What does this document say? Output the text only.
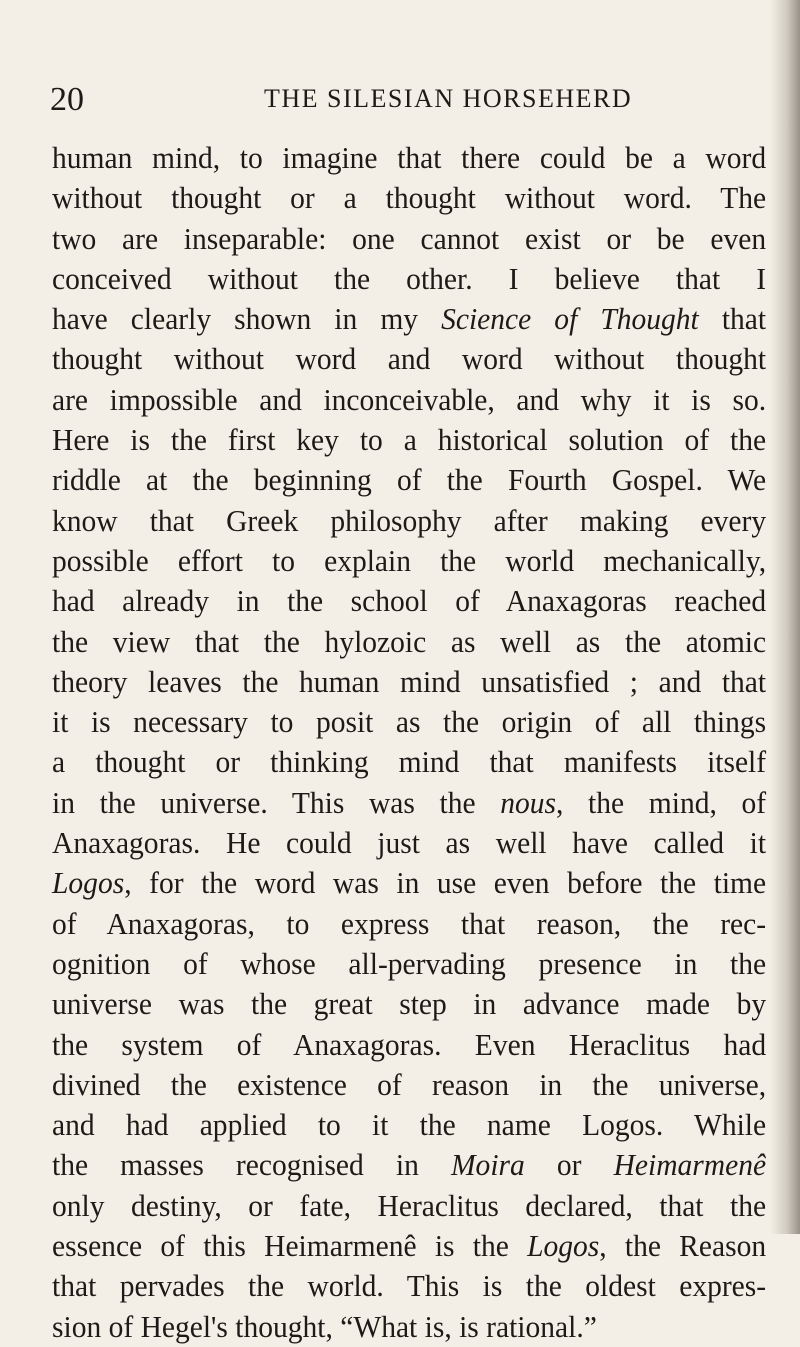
20	THE SILESIAN HORSEHERD
human mind, to imagine that there could be a word
without thought or a thought without word. The
two are inseparable: one cannot exist or be even
conceived without the other. I believe that I
have clearly shown in my Science of Thought that
thought without word and word without thought
are impossible and inconceivable, and why it is so.
Here is the first key to a historical solution of the
riddle at the beginning of the Fourth Gospel. We
know that Greek philosophy after making every
possible effort to explain the world mechanically,
had already in the school of Anaxagoras reached
the view that the hylozoic as well as the atomic
theory leaves the human mind unsatisfied ; and that
it is necessary to posit as the origin of all things
a thought or thinking mind that manifests itself
in the universe. This was the nous, the mind, of
Anaxagoras. He could just as well have called it
Logos, for the word was in use even before the time
of Anaxagoras, to express that reason, the rec-
ognition of whose all-pervading presence in the
universe was the great step in advance made by
the system of Anaxagoras. Even Heraclitus had
divined the existence of reason in the universe,
and had applied to it the name Logos. While
the masses recognised in Moira or Heimarmenê
only destiny, or fate, Heraclitus declared, that the
essence of this Heimarmenê is the Logos, the Reason
that pervades the world. This is the oldest expres-
sion of Hegel's thought, “What is, is rational.”
